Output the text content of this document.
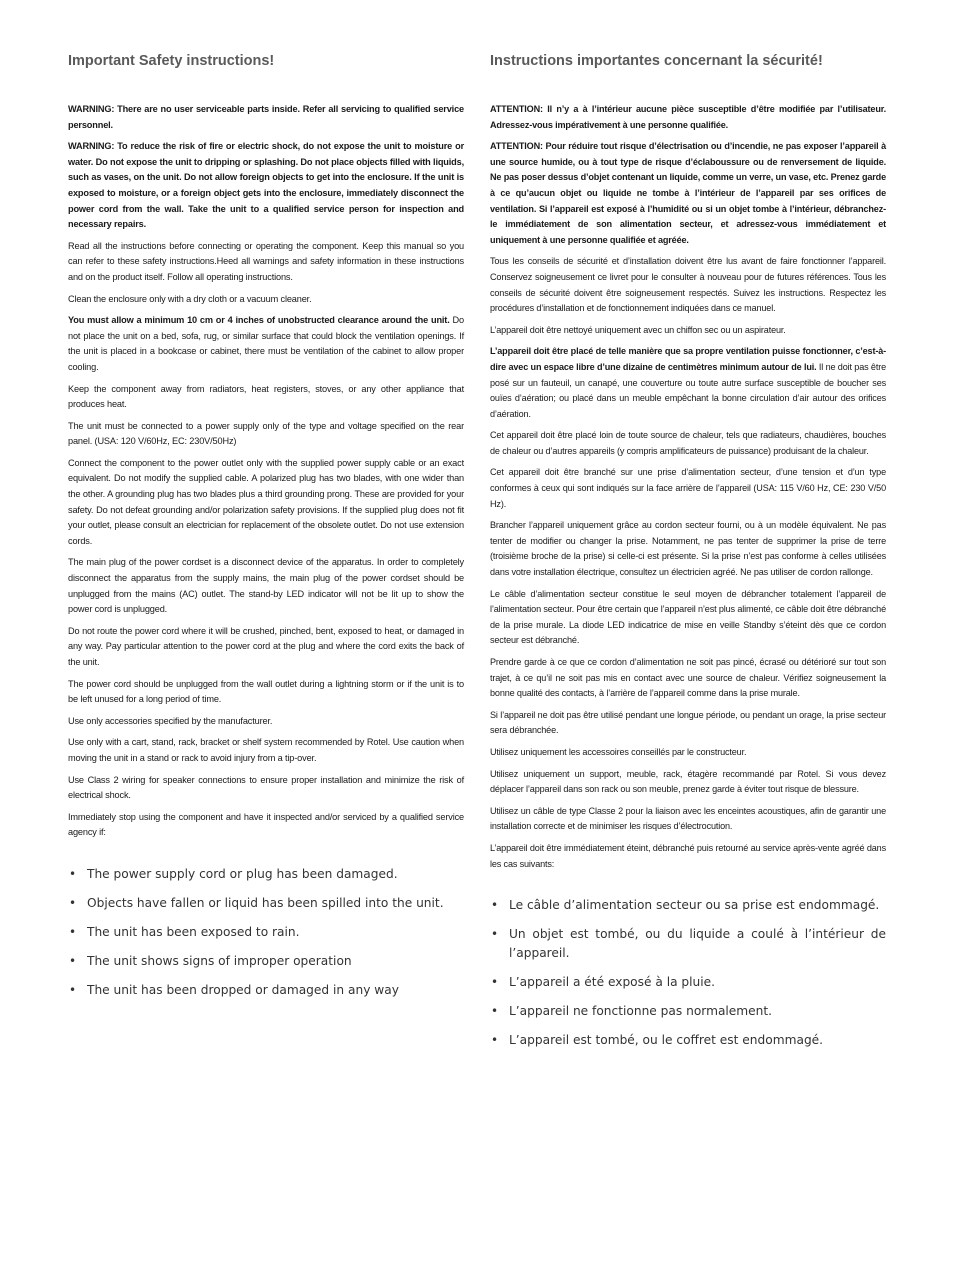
Important Safety instructions!

WARNING: There are no user serviceable parts inside. Refer all servicing to qualified service personnel.

WARNING: To reduce the risk of fire or electric shock, do not expose the unit to moisture or water. Do not expose the unit to dripping or splashing. Do not place objects filled with liquids, such as vases, on the unit. Do not allow foreign objects to get into the enclosure. If the unit is exposed to moisture, or a foreign object gets into the enclosure, immediately disconnect the power cord from the wall. Take the unit to a qualified service person for inspection and necessary repairs.

Read all the instructions before connecting or operating the component. Keep this manual so you can refer to these safety instructions.Heed all warnings and safety information in these instructions and on the product itself. Follow all operating instructions.

Clean the enclosure only with a dry cloth or a vacuum cleaner.

You must allow a minimum 10 cm or 4 inches of unobstructed clearance around the unit. Do not place the unit on a bed, sofa, rug, or similar surface that could block the ventilation openings. If the unit is placed in a bookcase or cabinet, there must be ventilation of the cabinet to allow proper cooling.

Keep the component away from radiators, heat registers, stoves, or any other appliance that produces heat.

The unit must be connected to a power supply only of the type and voltage specified on the rear panel. (USA: 120 V/60Hz, EC: 230V/50Hz)

Connect the component to the power outlet only with the supplied power supply cable or an exact equivalent. Do not modify the supplied cable. A polarized plug has two blades, with one wider than the other. A grounding plug has two blades plus a third grounding prong. These are provided for your safety. Do not defeat grounding and/or polarization safety provisions. If the supplied plug does not fit your outlet, please consult an electrician for replacement of the obsolete outlet. Do not use extension cords.

The main plug of the power cordset is a disconnect device of the apparatus. In order to completely disconnect the apparatus from the supply mains, the main plug of the power cordset should be unplugged from the mains (AC) outlet. The stand-by LED indicator will not be lit up to show the power cord is unplugged.

Do not route the power cord where it will be crushed, pinched, bent, exposed to heat, or damaged in any way. Pay particular attention to the power cord at the plug and where the cord exits the back of the unit.

The power cord should be unplugged from the wall outlet during a lightning storm or if the unit is to be left unused for a long period of time.

Use only accessories specified by the manufacturer.

Use only with a cart, stand, rack, bracket or shelf system recommended by Rotel. Use caution when moving the unit in a stand or rack to avoid injury from a tip-over.

Use Class 2 wiring for speaker connections to ensure proper installation and minimize the risk of electrical shock.

Immediately stop using the component and have it inspected and/or serviced by a qualified service agency if:

• The power supply cord or plug has been damaged.
• Objects have fallen or liquid has been spilled into the unit.
• The unit has been exposed to rain.
• The unit shows signs of improper operation
• The unit has been dropped or damaged in any way
Instructions importantes concernant la sécurité!

ATTENTION: Il n’y a à l’intérieur aucune pièce susceptible d’être modifiée par l’utilisateur. Adressez-vous impérativement à une personne qualifiée.

ATTENTION: Pour réduire tout risque d’électrisation ou d’incendie, ne pas exposer l’appareil à une source humide, ou à tout type de risque d’éclaboussure ou de renversement de liquide. Ne pas poser dessus d’objet contenant un liquide, comme un verre, un vase, etc. Prenez garde à ce qu’aucun objet ou liquide ne tombe à l’intérieur de l’appareil par ses orifices de ventilation. Si l’appareil est exposé à l’humidité ou si un objet tombe à l’intérieur, débranchez-le immédiatement de son alimentation secteur, et adressez-vous immédiatement et uniquement à une personne qualifiée et agréée.

Tous les conseils de sécurité et d’installation doivent être lus avant de faire fonctionner l’appareil. Conservez soigneusement ce livret pour le consulter à nouveau pour de futures références. Tous les conseils de sécurité doivent être soigneusement respectés. Suivez les instructions. Respectez les procédures d’installation et de fonctionnement indiquées dans ce manuel.

L’appareil doit être nettoyé uniquement avec un chiffon sec ou un aspirateur.

L’appareil doit être placé de telle manière que sa propre ventilation puisse fonctionner, c’est-à-dire avec un espace libre d’une dizaine de centimètres minimum autour de lui. Il ne doit pas être posé sur un fauteuil, un canapé, une couverture ou toute autre surface susceptible de boucher ses ouïes d’aération; ou placé dans un meuble empêchant la bonne circulation d’air autour des orifices d’aération.

Cet appareil doit être placé loin de toute source de chaleur, tels que radiateurs, chaudières, bouches de chaleur ou d’autres appareils (y compris amplificateurs de puissance) produisant de la chaleur.

Cet appareil doit être branché sur une prise d’alimentation secteur, d’une tension et d’un type conformes à ceux qui sont indiqués sur la face arrière de l’appareil (USA: 115 V/60 Hz, CE: 230 V/50 Hz).

Brancher l’appareil uniquement grâce au cordon secteur fourni, ou à un modèle équivalent. Ne pas tenter de modifier ou changer la prise. Notamment, ne pas tenter de supprimer la prise de terre (troisième broche de la prise) si celle-ci est présente. Si la prise n’est pas conforme à celles utilisées dans votre installation électrique, consultez un électricien agréé. Ne pas utiliser de cordon rallonge.

Le câble d’alimentation secteur constitue le seul moyen de débrancher totalement l’appareil de l’alimentation secteur. Pour être certain que l’appareil n’est plus alimenté, ce câble doit être débranché de la prise murale. La diode LED indicatrice de mise en veille Standby s’éteint dès que ce cordon secteur est débranché.

Prendre garde à ce que ce cordon d’alimentation ne soit pas pincé, écrasé ou détérioré sur tout son trajet, à ce qu’il ne soit pas mis en contact avec une source de chaleur. Vérifiez soigneusement la bonne qualité des contacts, à l’arrière de l’appareil comme dans la prise murale.

Si l’appareil ne doit pas être utilisé pendant une longue période, ou pendant un orage, la prise secteur sera débranchée.

Utilisez uniquement les accessoires conseillés par le constructeur.

Utilisez uniquement un support, meuble, rack, étagère recommandé par Rotel. Si vous devez déplacer l’appareil dans son rack ou son meuble, prenez garde à éviter tout risque de blessure.

Utilisez un câble de type Classe 2 pour la liaison avec les enceintes acoustiques, afin de garantir une installation correcte et de minimiser les risques d’électrocution.

L’appareil doit être immédiatement éteint, débranché puis retourné au service après-vente agréé dans les cas suivants:

• Le câble d’alimentation secteur ou sa prise est endommagé.
• Un objet est tombé, ou du liquide a coulé à l’intérieur de l’appareil.
• L’appareil a été exposé à la pluie.
• L’appareil ne fonctionne pas normalement.
• L’appareil est tombé, ou le coffret est endommagé.
